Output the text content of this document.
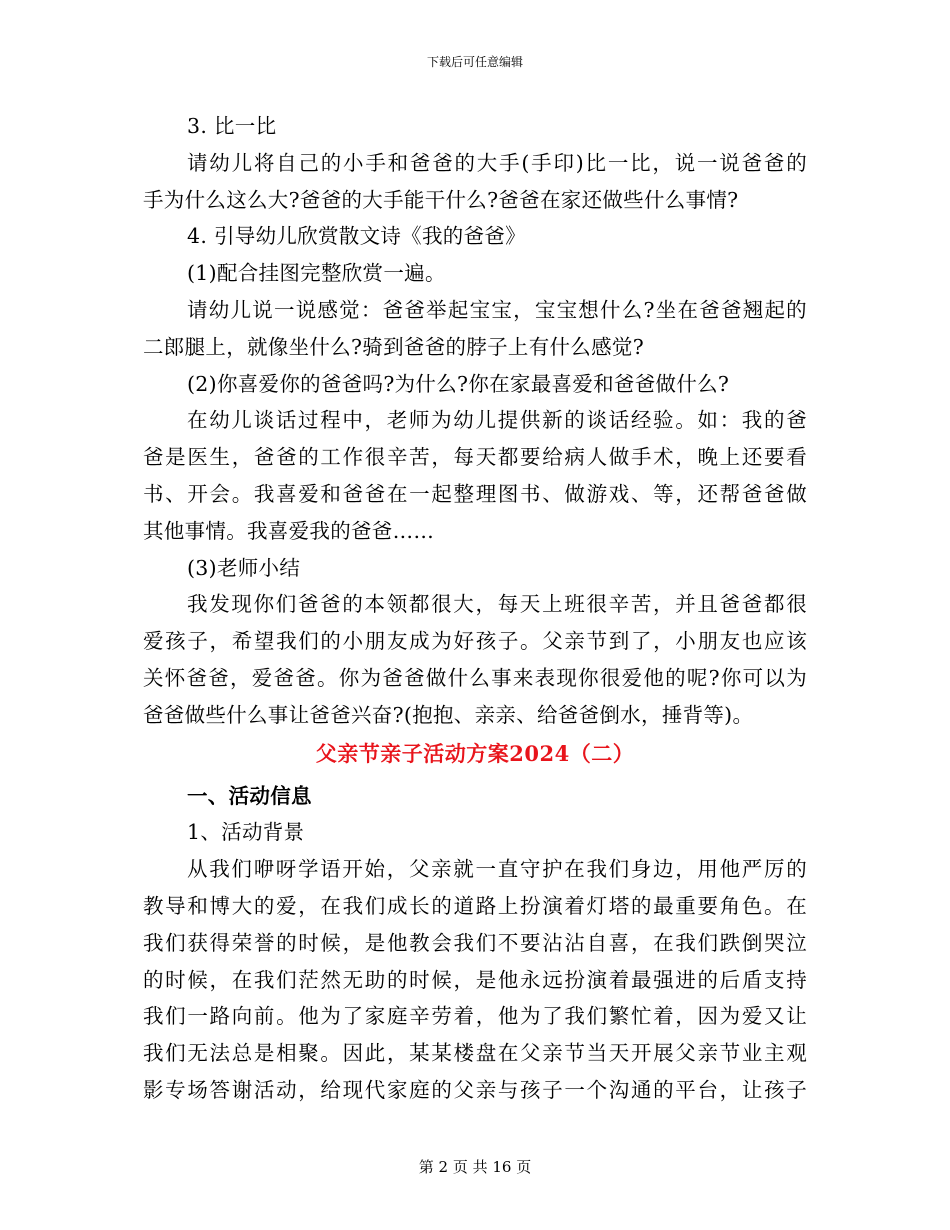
下载后可任意编辑
3. 比一比
请幼儿将自己的小手和爸爸的大手(手印)比一比，说一说爸爸的
手为什么这么大?爸爸的大手能干什么?爸爸在家还做些什么事情?
4. 引导幼儿欣赏散文诗《我的爸爸》
(1)配合挂图完整欣赏一遍。
请幼儿说一说感觉：爸爸举起宝宝，宝宝想什么?坐在爸爸翘起的
二郎腿上，就像坐什么?骑到爸爸的脖子上有什么感觉?
(2)你喜爱你的爸爸吗?为什么?你在家最喜爱和爸爸做什么?
在幼儿谈话过程中，老师为幼儿提供新的谈话经验。如：我的爸
爸是医生，爸爸的工作很辛苦，每天都要给病人做手术，晚上还要看
书、开会。我喜爱和爸爸在一起整理图书、做游戏、等，还帮爸爸做
其他事情。我喜爱我的爸爸……
(3)老师小结
我发现你们爸爸的本领都很大，每天上班很辛苦，并且爸爸都很
爱孩子，希望我们的小朋友成为好孩子。父亲节到了，小朋友也应该
关怀爸爸，爱爸爸。你为爸爸做什么事来表现你很爱他的呢?你可以为
爸爸做些什么事让爸爸兴奋?(抱抱、亲亲、给爸爸倒水，捶背等)。
父亲节亲子活动方案2024（二）
一、活动信息
1、活动背景
从我们咿呀学语开始，父亲就一直守护在我们身边，用他严厉的
教导和博大的爱，在我们成长的道路上扮演着灯塔的最重要角色。在
我们获得荣誉的时候，是他教会我们不要沾沾自喜，在我们跌倒哭泣
的时候，在我们茫然无助的时候，是他永远扮演着最强进的后盾支持
我们一路向前。他为了家庭辛劳着，他为了我们繁忙着，因为爱又让
我们无法总是相聚。因此，某某楼盘在父亲节当天开展父亲节业主观
影专场答谢活动，给现代家庭的父亲与孩子一个沟通的平台，让孩子
第 2 页 共 16 页
